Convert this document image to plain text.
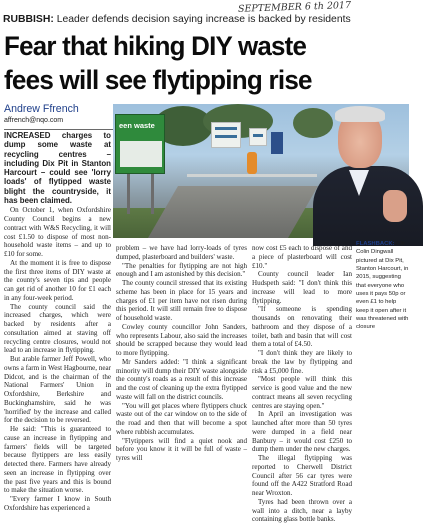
SEPTEMBER 6 th 2017
RUBBISH: Leader defends decision saying increase is backed by residents
Fear that hiking DIY waste
fees will see flytipping rise
Andrew Ffrench
affrench@nqo.com
een waste

INCREASED charges to dump some waste at recycling centres – including Dix Pit in Stanton Harcourt – could see 'lorry loads' of flytipped waste blight the countryside, it has been claimed.

On October 1, when Oxfordshire County Council begins a new contract with W&S Recycling, it will cost £1.50 to dispose of most non-household waste items – and up to £10 for some.

At the moment it is free to dispose the first three items of DIY waste at the county's seven tips and people can get rid of another 10 for £1 each in any four-week period.

The county council said the increased charges, which were backed by residents after a consultation aimed at staving off recycling centre closures, would not lead to an increase in flytipping.

But arable farmer Jeff Powell, who owns a farm in West Hagbourne, near Didcot, and is the chairman of the National Farmers' Union in Oxfordshire, Berkshire and Buckinghamshire, said he was 'horrified' by the increase and called for the decision to be reversed.

He said: "This is guaranteed to cause an increase in flytipping and farmers' fields will be targeted because flytippers are less easily detected there. Farmers have already seen an increase in flytipping over the past five years and this is bound to make the situation worse.

"Every farmer I know in South Oxfordshire has experienced a

problem – we have had lorry-loads of tyres dumped, plasterboard and builders' waste.

"The penalties for flytipping are not high enough and I am astonished by this decision."

The county council stressed that its existing scheme has been in place for 15 years and charges of £1 per item have not risen during this period. It will still remain free to dispose of household waste.

Cowley county councillor John Sanders, who represents Labour, also said the increases should be scrapped because they would lead to more flytipping.

Mr Sanders added: "I think a significant minority will dump their DIY waste alongside the county's roads as a result of this increase and the cost of cleaning up the extra flytipped waste will fall on the district councils.

"You will get places where flytippers chuck waste out of the car window on to the side of the road and then that will become a spot where rubbish accumulates.

"Flytippers will find a quiet nook and before you know it it will be full of waste – tyres will

now cost £5 each to dispose of and a piece of plasterboard will cost £10."

County council leader Ian Hudspeth said: "I don't think this increase will lead to more flytipping.

"If someone is spending thousands on renovating their bathroom and they dispose of a toilet, bath and basin that will cost them a total of £4.50.

"I don't think they are likely to break the law by flytipping and risk a £5,000 fine.

"Most people will think this service is good value and the new contract means all seven recycling centres are staying open."

In April an investigation was launched after more than 50 tyres were dumped in a field near Banbury – it would cost £250 to dump them under the new charges.

The illegal flytipping was reported to Cherwell District Council after 56 car tyres were found off the A422 Stratford Road near Wroxton.

Tyres had been thrown over a wall into a ditch, near a layby containing glass bottle banks.

FLASHBACK: Cllr Colin Dingwall pictured at Dix Pit, Stanton Harcourt, in 2015, suggesting that everyone who uses it pays 50p or even £1 to help keep it open after it was threatened with closure
